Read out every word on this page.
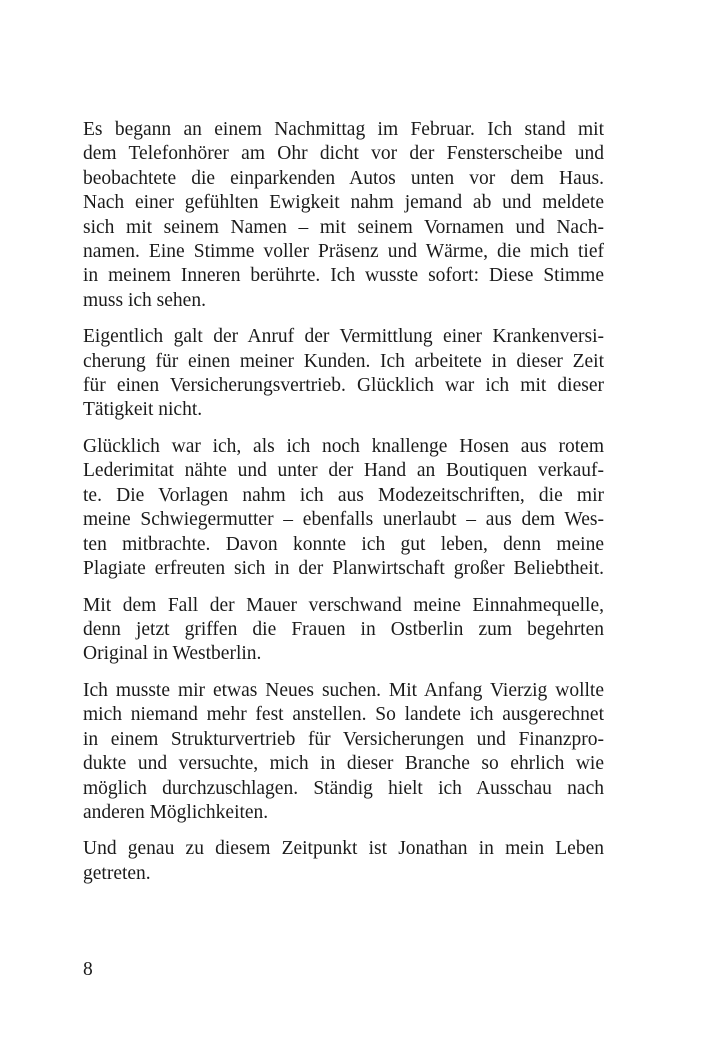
Es begann an einem Nachmittag im Februar. Ich stand mit
dem Telefonhörer am Ohr dicht vor der Fensterscheibe und
beobachtete die einparkenden Autos unten vor dem Haus.
Nach einer gefühlten Ewigkeit nahm jemand ab und meldete
sich mit seinem Namen – mit seinem Vornamen und Nach-
namen. Eine Stimme voller Präsenz und Wärme, die mich tief
in meinem Inneren berührte. Ich wusste sofort: Diese Stimme
muss ich sehen.
Eigentlich galt der Anruf der Vermittlung einer Krankenversi-
cherung für einen meiner Kunden. Ich arbeitete in dieser Zeit
für einen Versicherungsvertrieb. Glücklich war ich mit dieser
Tätigkeit nicht.
Glücklich war ich, als ich noch knallenge Hosen aus rotem
Lederimitat nähte und unter der Hand an Boutiquen verkauf-
te. Die Vorlagen nahm ich aus Modezeitschriften, die mir
meine Schwiegermutter – ebenfalls unerlaubt – aus dem Wes-
ten mitbrachte. Davon konnte ich gut leben, denn meine
Plagiate erfreuten sich in der Planwirtschaft großer Beliebtheit.
Mit dem Fall der Mauer verschwand meine Einnahmequelle,
denn jetzt griffen die Frauen in Ostberlin zum begehrten
Original in Westberlin.
Ich musste mir etwas Neues suchen. Mit Anfang Vierzig wollte
mich niemand mehr fest anstellen. So landete ich ausgerechnet
in einem Strukturvertrieb für Versicherungen und Finanzpro-
dukte und versuchte, mich in dieser Branche so ehrlich wie
möglich durchzuschlagen. Ständig hielt ich Ausschau nach
anderen Möglichkeiten.
Und genau zu diesem Zeitpunkt ist Jonathan in mein Leben
getreten.
8
